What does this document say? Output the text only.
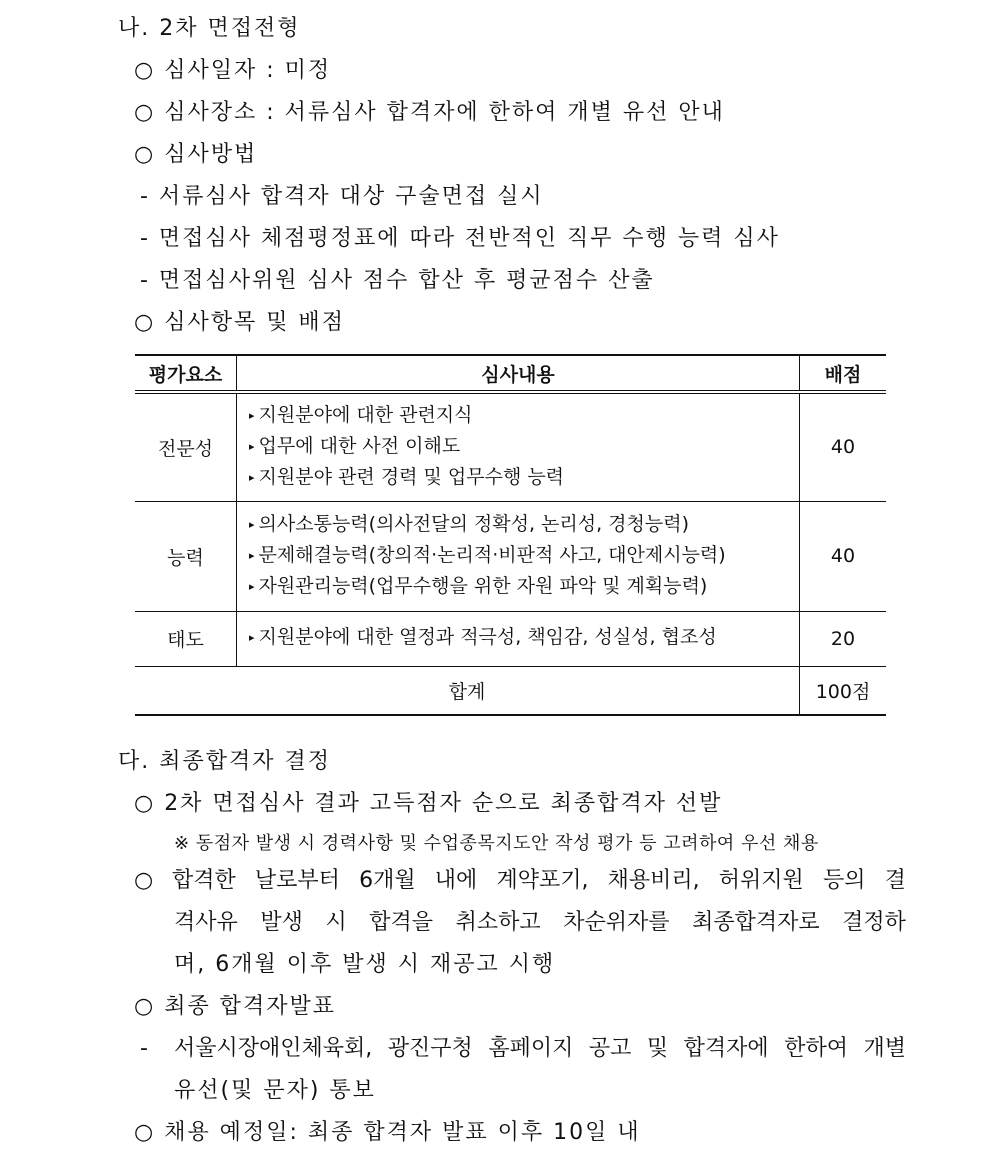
나. 2차 면접전형
○ 심사일자 : 미정
○ 심사장소 : 서류심사 합격자에 한하여 개별 유선 안내
○ 심사방법
- 서류심사 합격자 대상 구술면접 실시
- 면접심사 체점평정표에 따라 전반적인 직무 수행 능력 심사
- 면접심사위원 심사 점수 합산 후 평균점수 산출
○ 심사항목 및 배점
평가요소	심사내용	배점
전문성	▸ 지원분야에 대한 관련지식
▸ 업무에 대한 사전 이해도
▸ 지원분야 관련 경력 및 업무수행 능력	40
능력	▸ 의사소통능력(의사전달의 정확성, 논리성, 경청능력)
▸ 문제해결능력(창의적·논리적·비판적 사고, 대안제시능력)
▸ 자원관리능력(업무수행을 위한 자원 파악 및 계획능력)	40
태도	▸ 지원분야에 대한 열정과 적극성, 책임감, 성실성, 협조성	20
합계		100점
다. 최종합격자 결정
○ 2차 면접심사 결과 고득점자 순으로 최종합격자 선발
※ 동점자 발생 시 경력사항 및 수업종목지도안 작성 평가 등 고려하여 우선 채용
○ 합격한 날로부터 6개월 내에 계약포기, 채용비리, 허위지원 등의 결
격사유 발생 시 합격을 취소하고 차순위자를 최종합격자로 결정하
며, 6개월 이후 발생 시 재공고 시행
○ 최종 합격자발표
-	서울시장애인체육회, 광진구청 홈페이지 공고 및 합격자에 한하여 개별
유선(및 문자) 통보
○ 채용 예정일: 최종 합격자 발표 이후 10일 내
